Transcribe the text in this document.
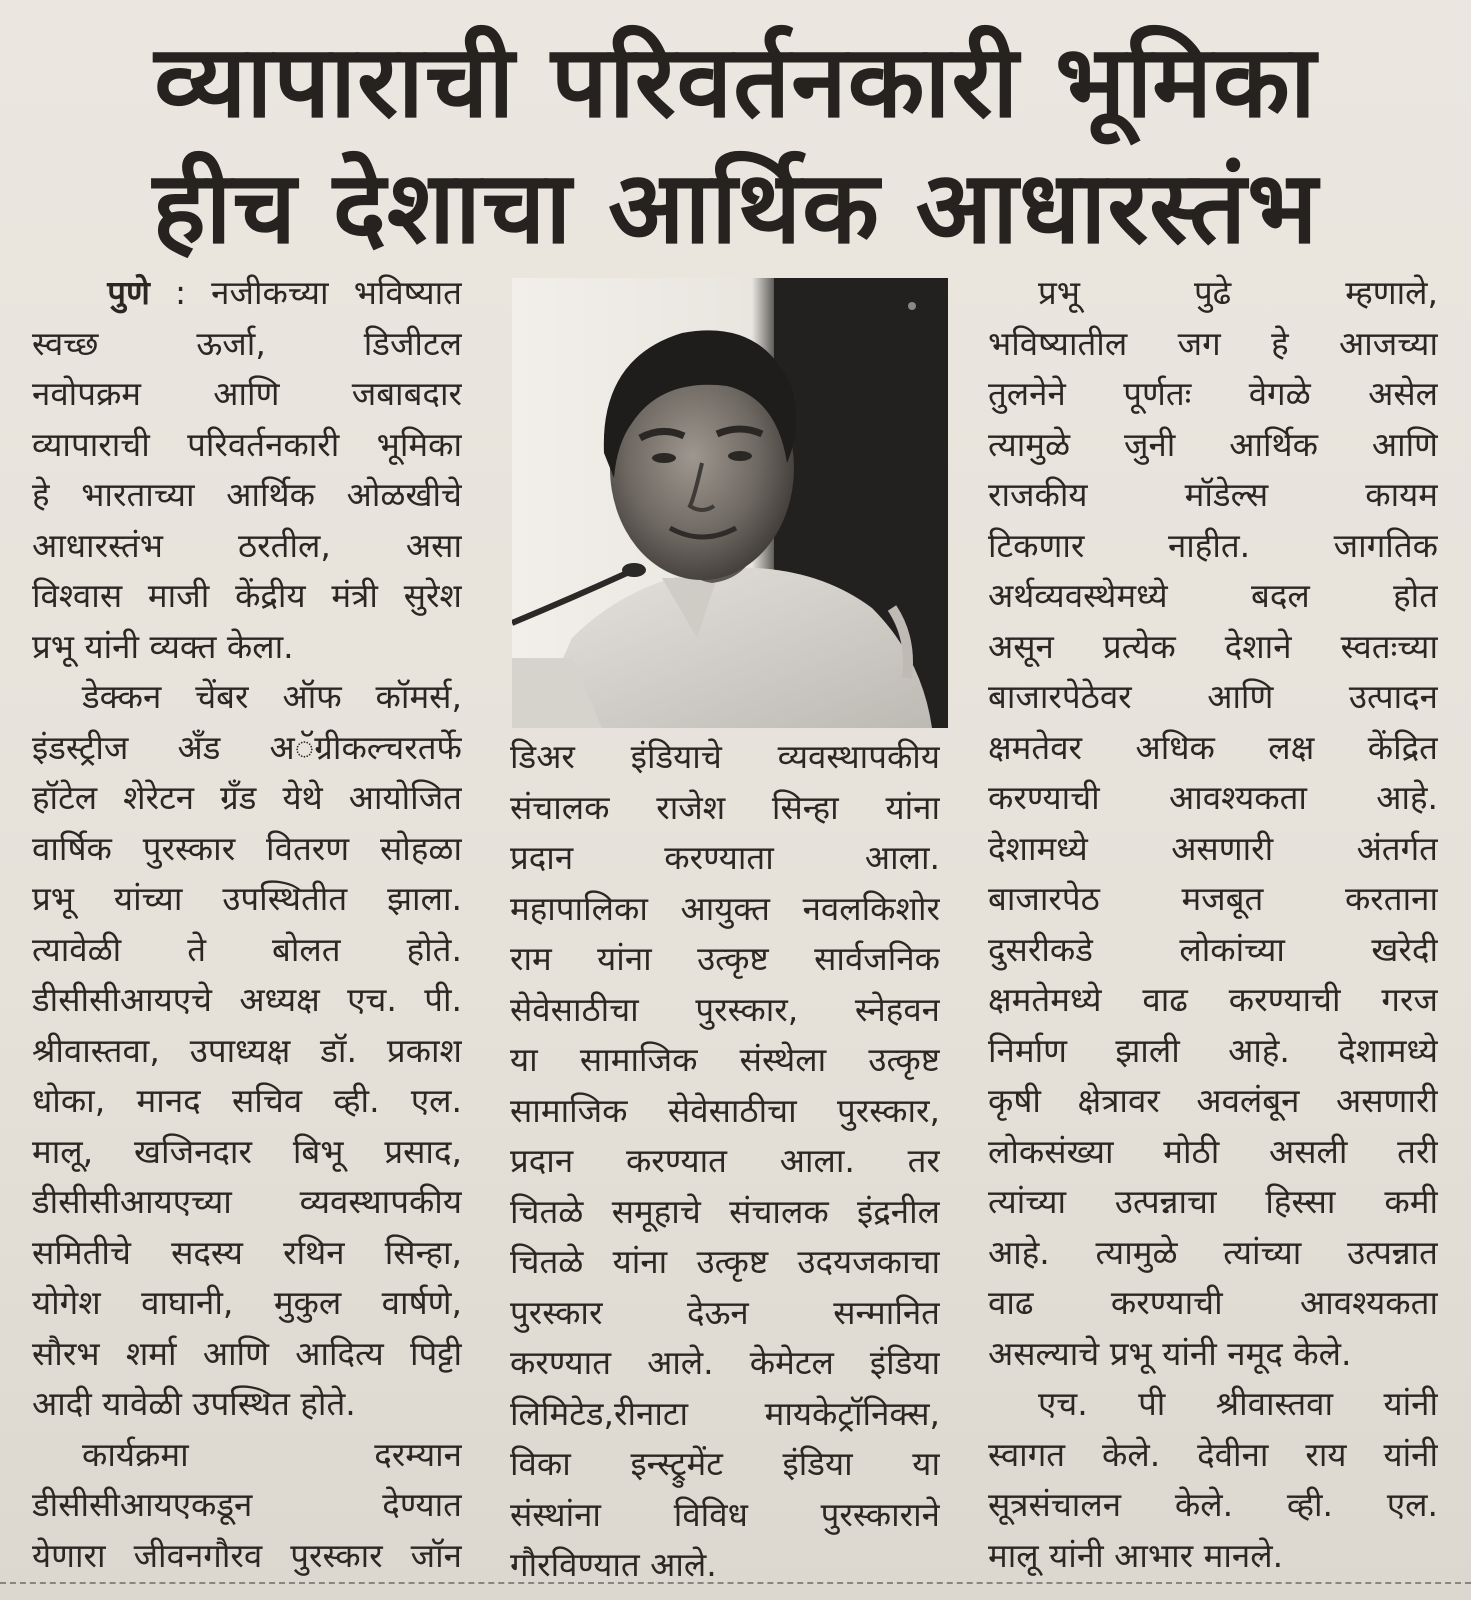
व्यापाराची परिवर्तनकारी भूमिका
हीच देशाचा आर्थिक आधारस्तंभ
पुणे : नजीकच्या भविष्यात
स्वच्छ ऊर्जा, डिजीटल
नवोपक्रम आणि जबाबदार
व्यापाराची परिवर्तनकारी भूमिका
हे भारताच्या आर्थिक ओळखीचे
आधारस्तंभ ठरतील, असा
विश्वास माजी केंद्रीय मंत्री सुरेश
प्रभू यांनी व्यक्त केला.
डेक्कन चेंबर ऑफ कॉमर्स,
इंडस्ट्रीज अँड अॅग्रीकल्चरतर्फे
हॉटेल शेरेटन ग्रँड येथे आयोजित
वार्षिक पुरस्कार वितरण सोहळा
प्रभू यांच्या उपस्थितीत झाला.
त्यावेळी ते बोलत होते.
डीसीसीआयएचे अध्यक्ष एच. पी.
श्रीवास्तवा, उपाध्यक्ष डॉ. प्रकाश
धोका, मानद सचिव व्ही. एल.
मालू, खजिनदार बिभू प्रसाद,
डीसीसीआयएच्या व्यवस्थापकीय
समितीचे सदस्य रथिन सिन्हा,
योगेश वाघानी, मुकुल वार्षणे,
सौरभ शर्मा आणि आदित्य पिट्टी
आदी यावेळी उपस्थित होते.
कार्यक्रमा दरम्यान
डीसीसीआयएकडून देण्यात
येणारा जीवनगौरव पुरस्कार जॉन
डिअर इंडियाचे व्यवस्थापकीय
संचालक राजेश सिन्हा यांना
प्रदान करण्याता आला.
महापालिका आयुक्त नवलकिशोर
राम यांना उत्कृष्ट सार्वजनिक
सेवेसाठीचा पुरस्कार, स्नेहवन
या सामाजिक संस्थेला उत्कृष्ट
सामाजिक सेवेसाठीचा पुरस्कार,
प्रदान करण्यात आला. तर
चितळे समूहाचे संचालक इंद्रनील
चितळे यांना उत्कृष्ट उदयजकाचा
पुरस्कार देऊन सन्मानित
करण्यात आले. केमेटल इंडिया
लिमिटेड,रीनाटा मायकेट्रॉनिक्स,
विका इन्स्ट्रुमेंट इंडिया या
संस्थांना विविध पुरस्काराने
गौरविण्यात आले.
प्रभू पुढे म्हणाले,
भविष्यातील जग हे आजच्या
तुलनेने पूर्णतः वेगळे असेल
त्यामुळे जुनी आर्थिक आणि
राजकीय मॉडेल्स कायम
टिकणार नाहीत. जागतिक
अर्थव्यवस्थेमध्ये बदल होत
असून प्रत्येक देशाने स्वतःच्या
बाजारपेठेवर आणि उत्पादन
क्षमतेवर अधिक लक्ष केंद्रित
करण्याची आवश्यकता आहे.
देशामध्ये असणारी अंतर्गत
बाजारपेठ मजबूत करताना
दुसरीकडे लोकांच्या खरेदी
क्षमतेमध्ये वाढ करण्याची गरज
निर्माण झाली आहे. देशामध्ये
कृषी क्षेत्रावर अवलंबून असणारी
लोकसंख्या मोठी असली तरी
त्यांच्या उत्पन्नाचा हिस्सा कमी
आहे. त्यामुळे त्यांच्या उत्पन्नात
वाढ करण्याची आवश्यकता
असल्याचे प्रभू यांनी नमूद केले.
एच. पी श्रीवास्तवा यांनी
स्वागत केले. देवीना राय यांनी
सूत्रसंचालन केले. व्ही. एल.
मालू यांनी आभार मानले.
